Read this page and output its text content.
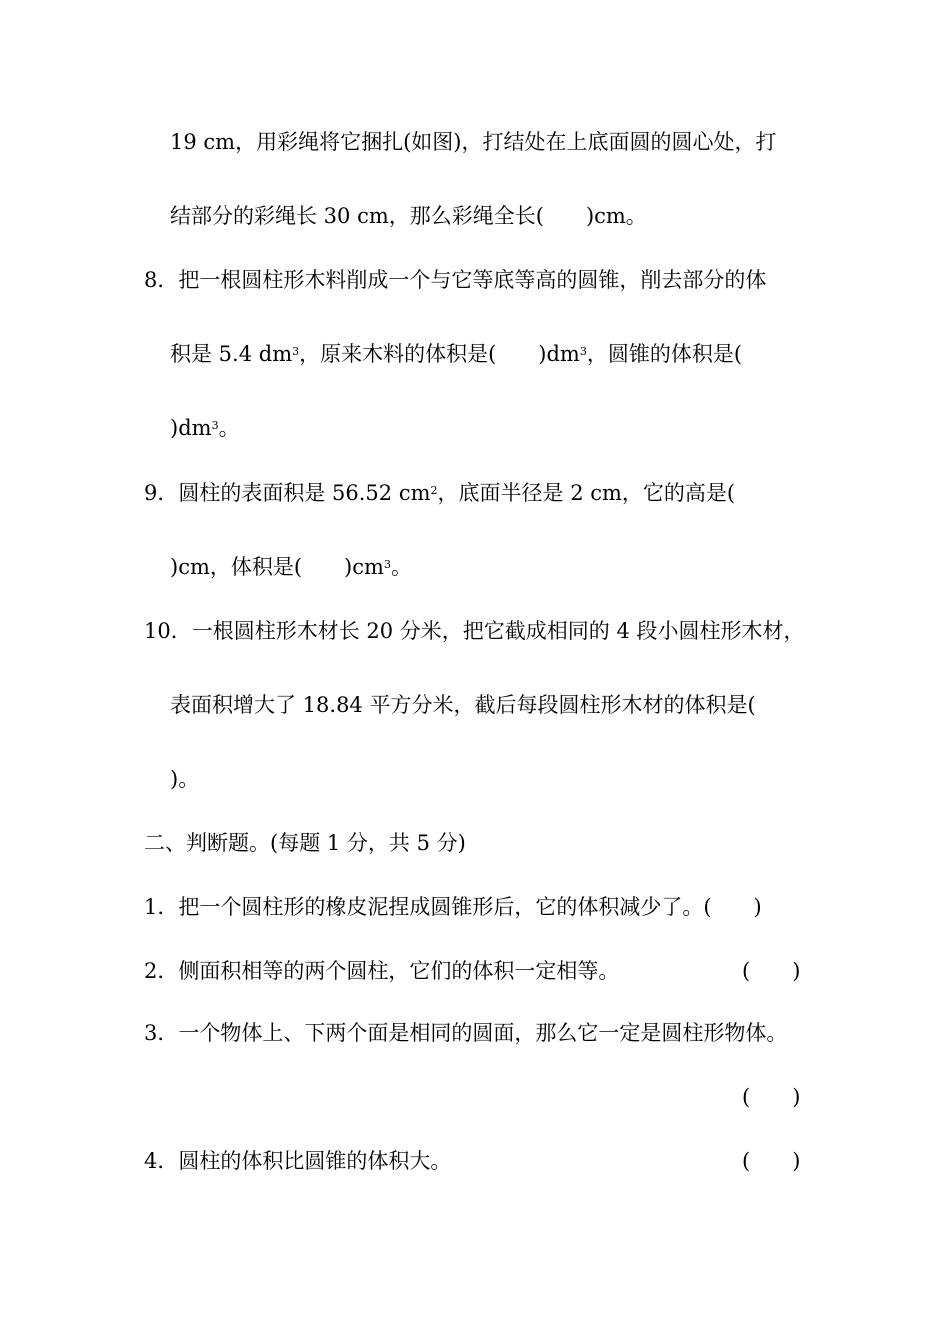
19 cm，用彩绳将它捆扎(如图)，打结处在上底面圆的圆心处，打
结部分的彩绳长 30 cm，那么彩绳全长(　　)cm。
8．把一根圆柱形木料削成一个与它等底等高的圆锥，削去部分的体
积是 5.4 $dm^3$，原来木料的体积是(　　)$dm^3$，圆锥的体积是(
)$dm^3$。
9．圆柱的表面积是 56.52 $cm^2$，底面半径是 2 cm，它的高是(
)cm，体积是(　　)$cm^3$。
10．一根圆柱形木材长 20 分米，把它截成相同的 4 段小圆柱形木材，
表面积增大了 18.84 平方分米，截后每段圆柱形木材的体积是(
)。
二、判断题。(每题 1 分，共 5 分)
1．把一个圆柱形的橡皮泥捏成圆锥形后，它的体积减少了。(　　)
2．侧面积相等的两个圆柱，它们的体积一定相等。	(　　)
3．一个物体上、下两个面是相同的圆面，那么它一定是圆柱形物体。
(　　)
4．圆柱的体积比圆锥的体积大。	(　　)
